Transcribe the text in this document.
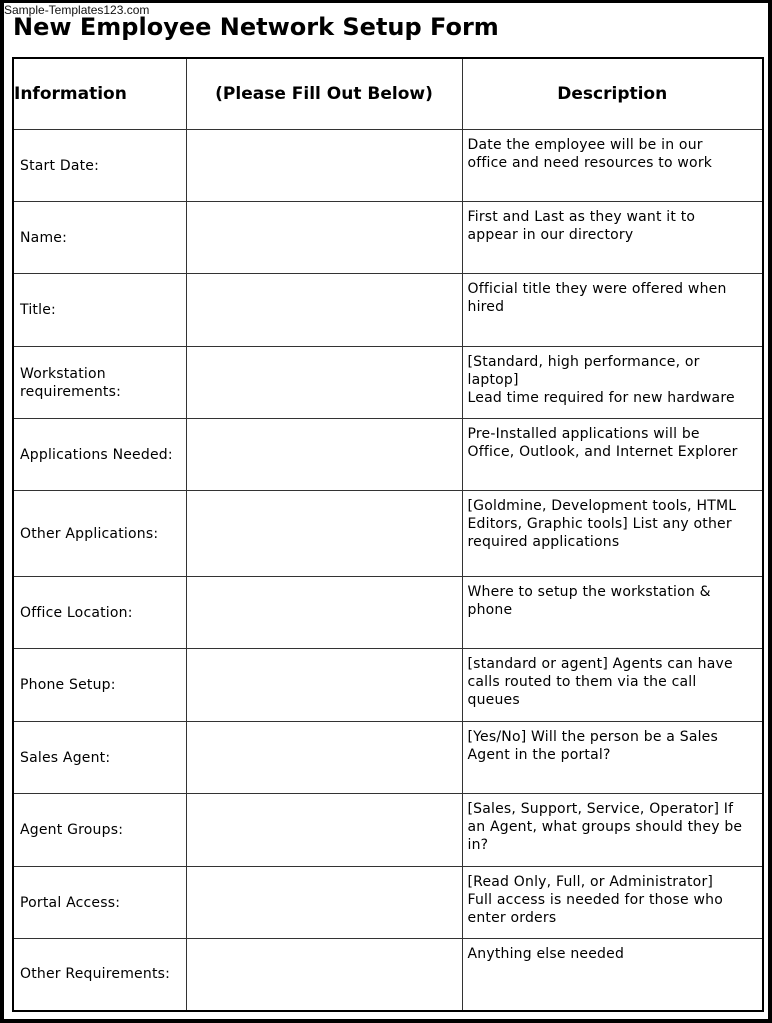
Sample-Templates123.com
New Employee Network Setup Form
Information	(Please Fill Out Below)	Description

Start Date:		Date the employee will be in our
office and need resources to work

Name:		First and Last as they want it to
appear in our directory

Title:		Official title they were offered when
hired

Workstation
requirements:		[Standard, high performance, or
laptop]
Lead time required for new hardware

Applications Needed:		Pre-Installed applications will be
Office, Outlook, and Internet Explorer

Other Applications:		[Goldmine, Development tools, HTML
Editors, Graphic tools] List any other
required applications

Office Location:		Where to setup the workstation &
phone

Phone Setup:		[standard or agent] Agents can have
calls routed to them via the call
queues

Sales Agent:		[Yes/No] Will the person be a Sales
Agent in the portal?

Agent Groups:		[Sales, Support, Service, Operator] If
an Agent, what groups should they be
in?

Portal Access:		[Read Only, Full, or Administrator]
Full access is needed for those who
enter orders

Other Requirements:		Anything else needed
